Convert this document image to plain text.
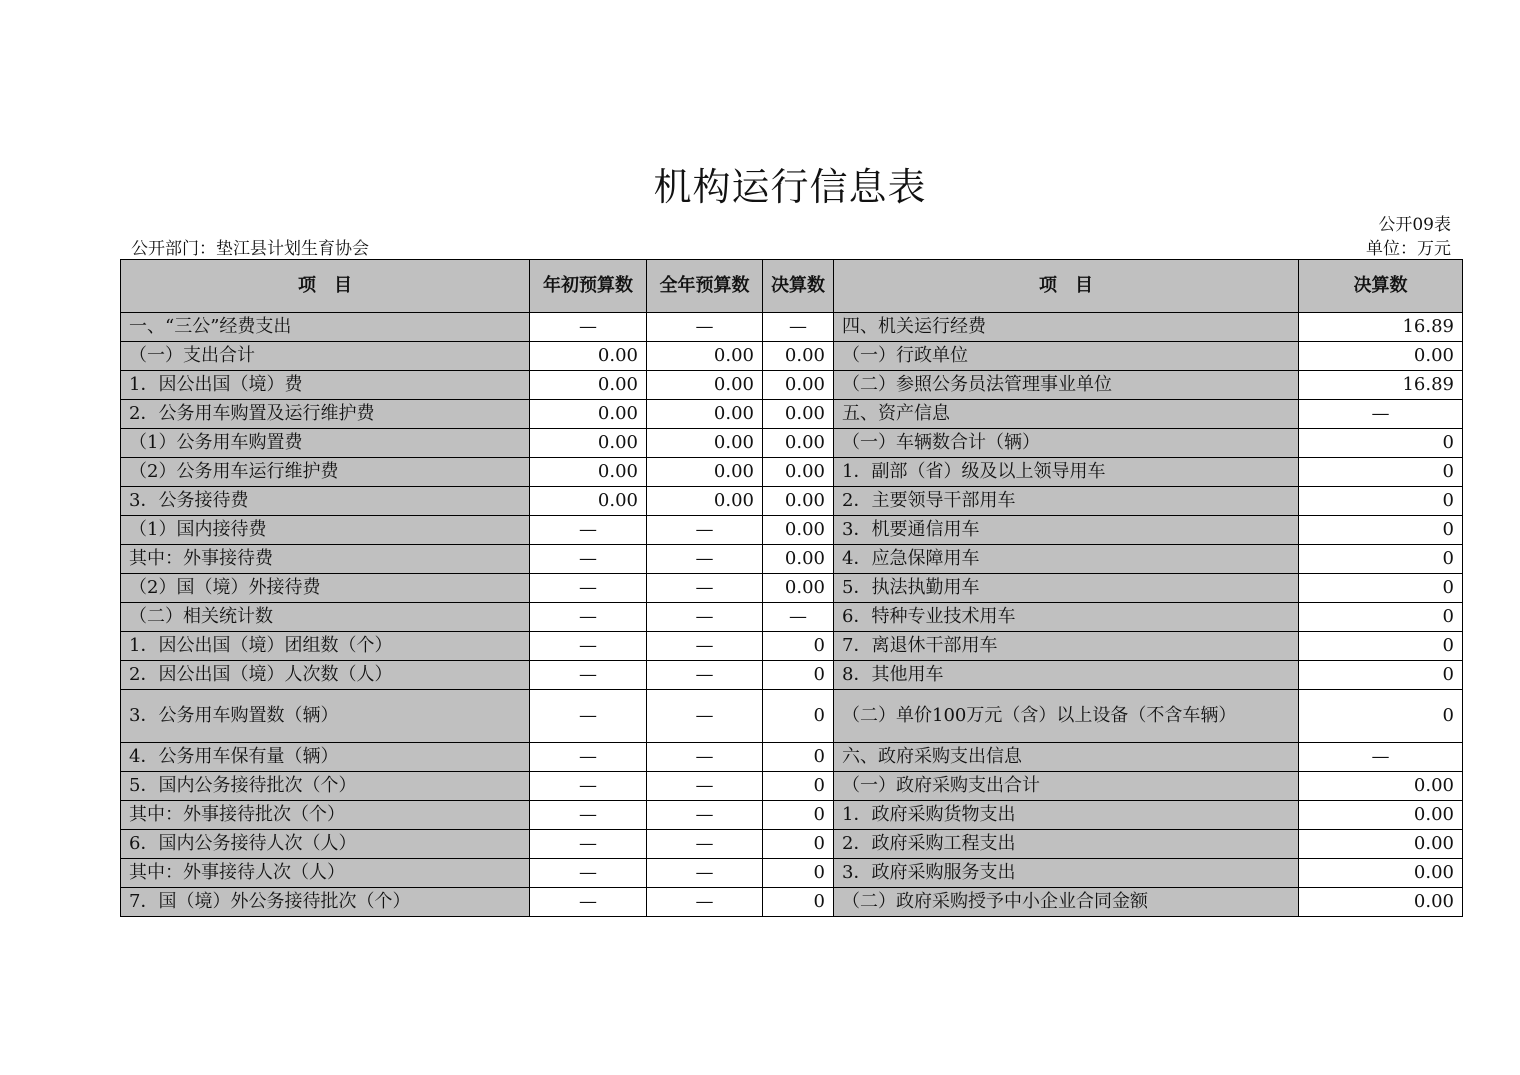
机构运行信息表
公开09表
公开部门：垫江县计划生育协会	单位：万元
项　目	年初预算数	全年预算数	决算数	项　目	决算数
一、“三公”经费支出	—	—	—	四、机关运行经费	16.89
（一）支出合计	0.00	0.00	0.00	（一）行政单位	0.00
1．因公出国（境）费	0.00	0.00	0.00	（二）参照公务员法管理事业单位	16.89
2．公务用车购置及运行维护费	0.00	0.00	0.00	五、资产信息	—
（1）公务用车购置费	0.00	0.00	0.00	（一）车辆数合计（辆）	0
（2）公务用车运行维护费	0.00	0.00	0.00	1．副部（省）级及以上领导用车	0
3．公务接待费	0.00	0.00	0.00	2．主要领导干部用车	0
（1）国内接待费	—	—	0.00	3．机要通信用车	0
其中：外事接待费	—	—	0.00	4．应急保障用车	0
（2）国（境）外接待费	—	—	0.00	5．执法执勤用车	0
（二）相关统计数	—	—	—	6．特种专业技术用车	0
1．因公出国（境）团组数（个）	—	—	0	7．离退休干部用车	0
2．因公出国（境）人次数（人）	—	—	0	8．其他用车	0
3．公务用车购置数（辆）	—	—	0	（二）单价100万元（含）以上设备（不含车辆）	0
4．公务用车保有量（辆）	—	—	0	六、政府采购支出信息	—
5．国内公务接待批次（个）	—	—	0	（一）政府采购支出合计	0.00
其中：外事接待批次（个）	—	—	0	1．政府采购货物支出	0.00
6．国内公务接待人次（人）	—	—	0	2．政府采购工程支出	0.00
其中：外事接待人次（人）	—	—	0	3．政府采购服务支出	0.00
7．国（境）外公务接待批次（个）	—	—	0	（二）政府采购授予中小企业合同金额	0.00
